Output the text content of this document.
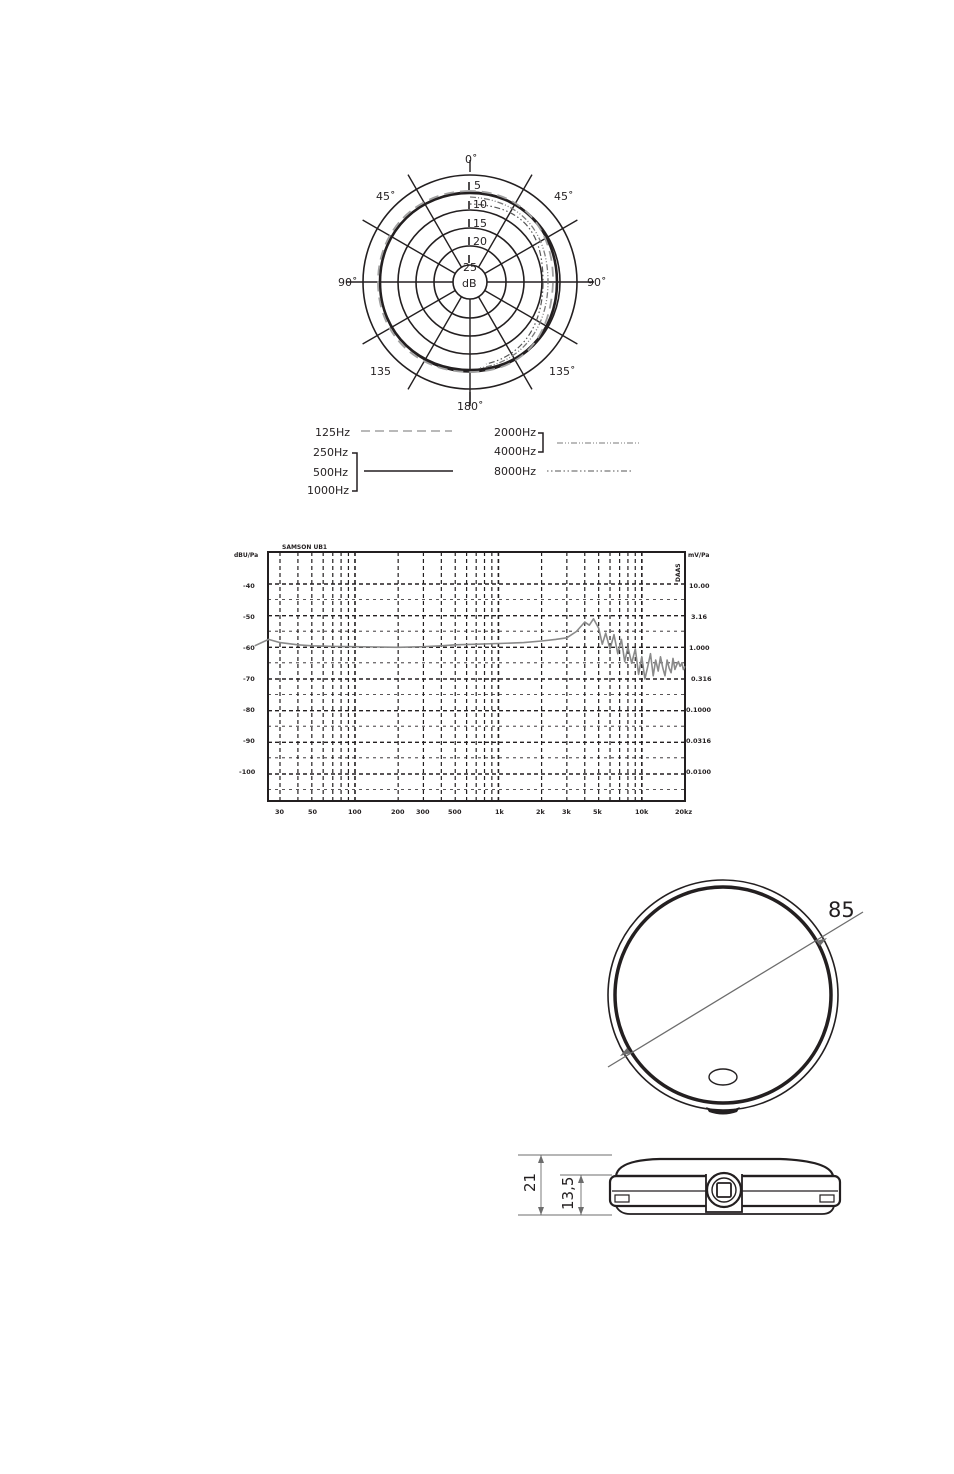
0˚
45˚	45˚
90˚	90˚
135	135˚
180˚
5
10
15
20
25
dB
125Hz
250Hz
500Hz
1000Hz
2000Hz
4000Hz
8000Hz
SAMSON UB1
dBU/Pa	mV/Pa
DAAS
-40
-50
-60
-70
-80
-90
-100
10.00
3.16
1.000
0.316
0.1000
0.0316
0.0100
30	50	100	200 300	500	1k	2k	3k	5k	10k	20kz
85
21 13,5
